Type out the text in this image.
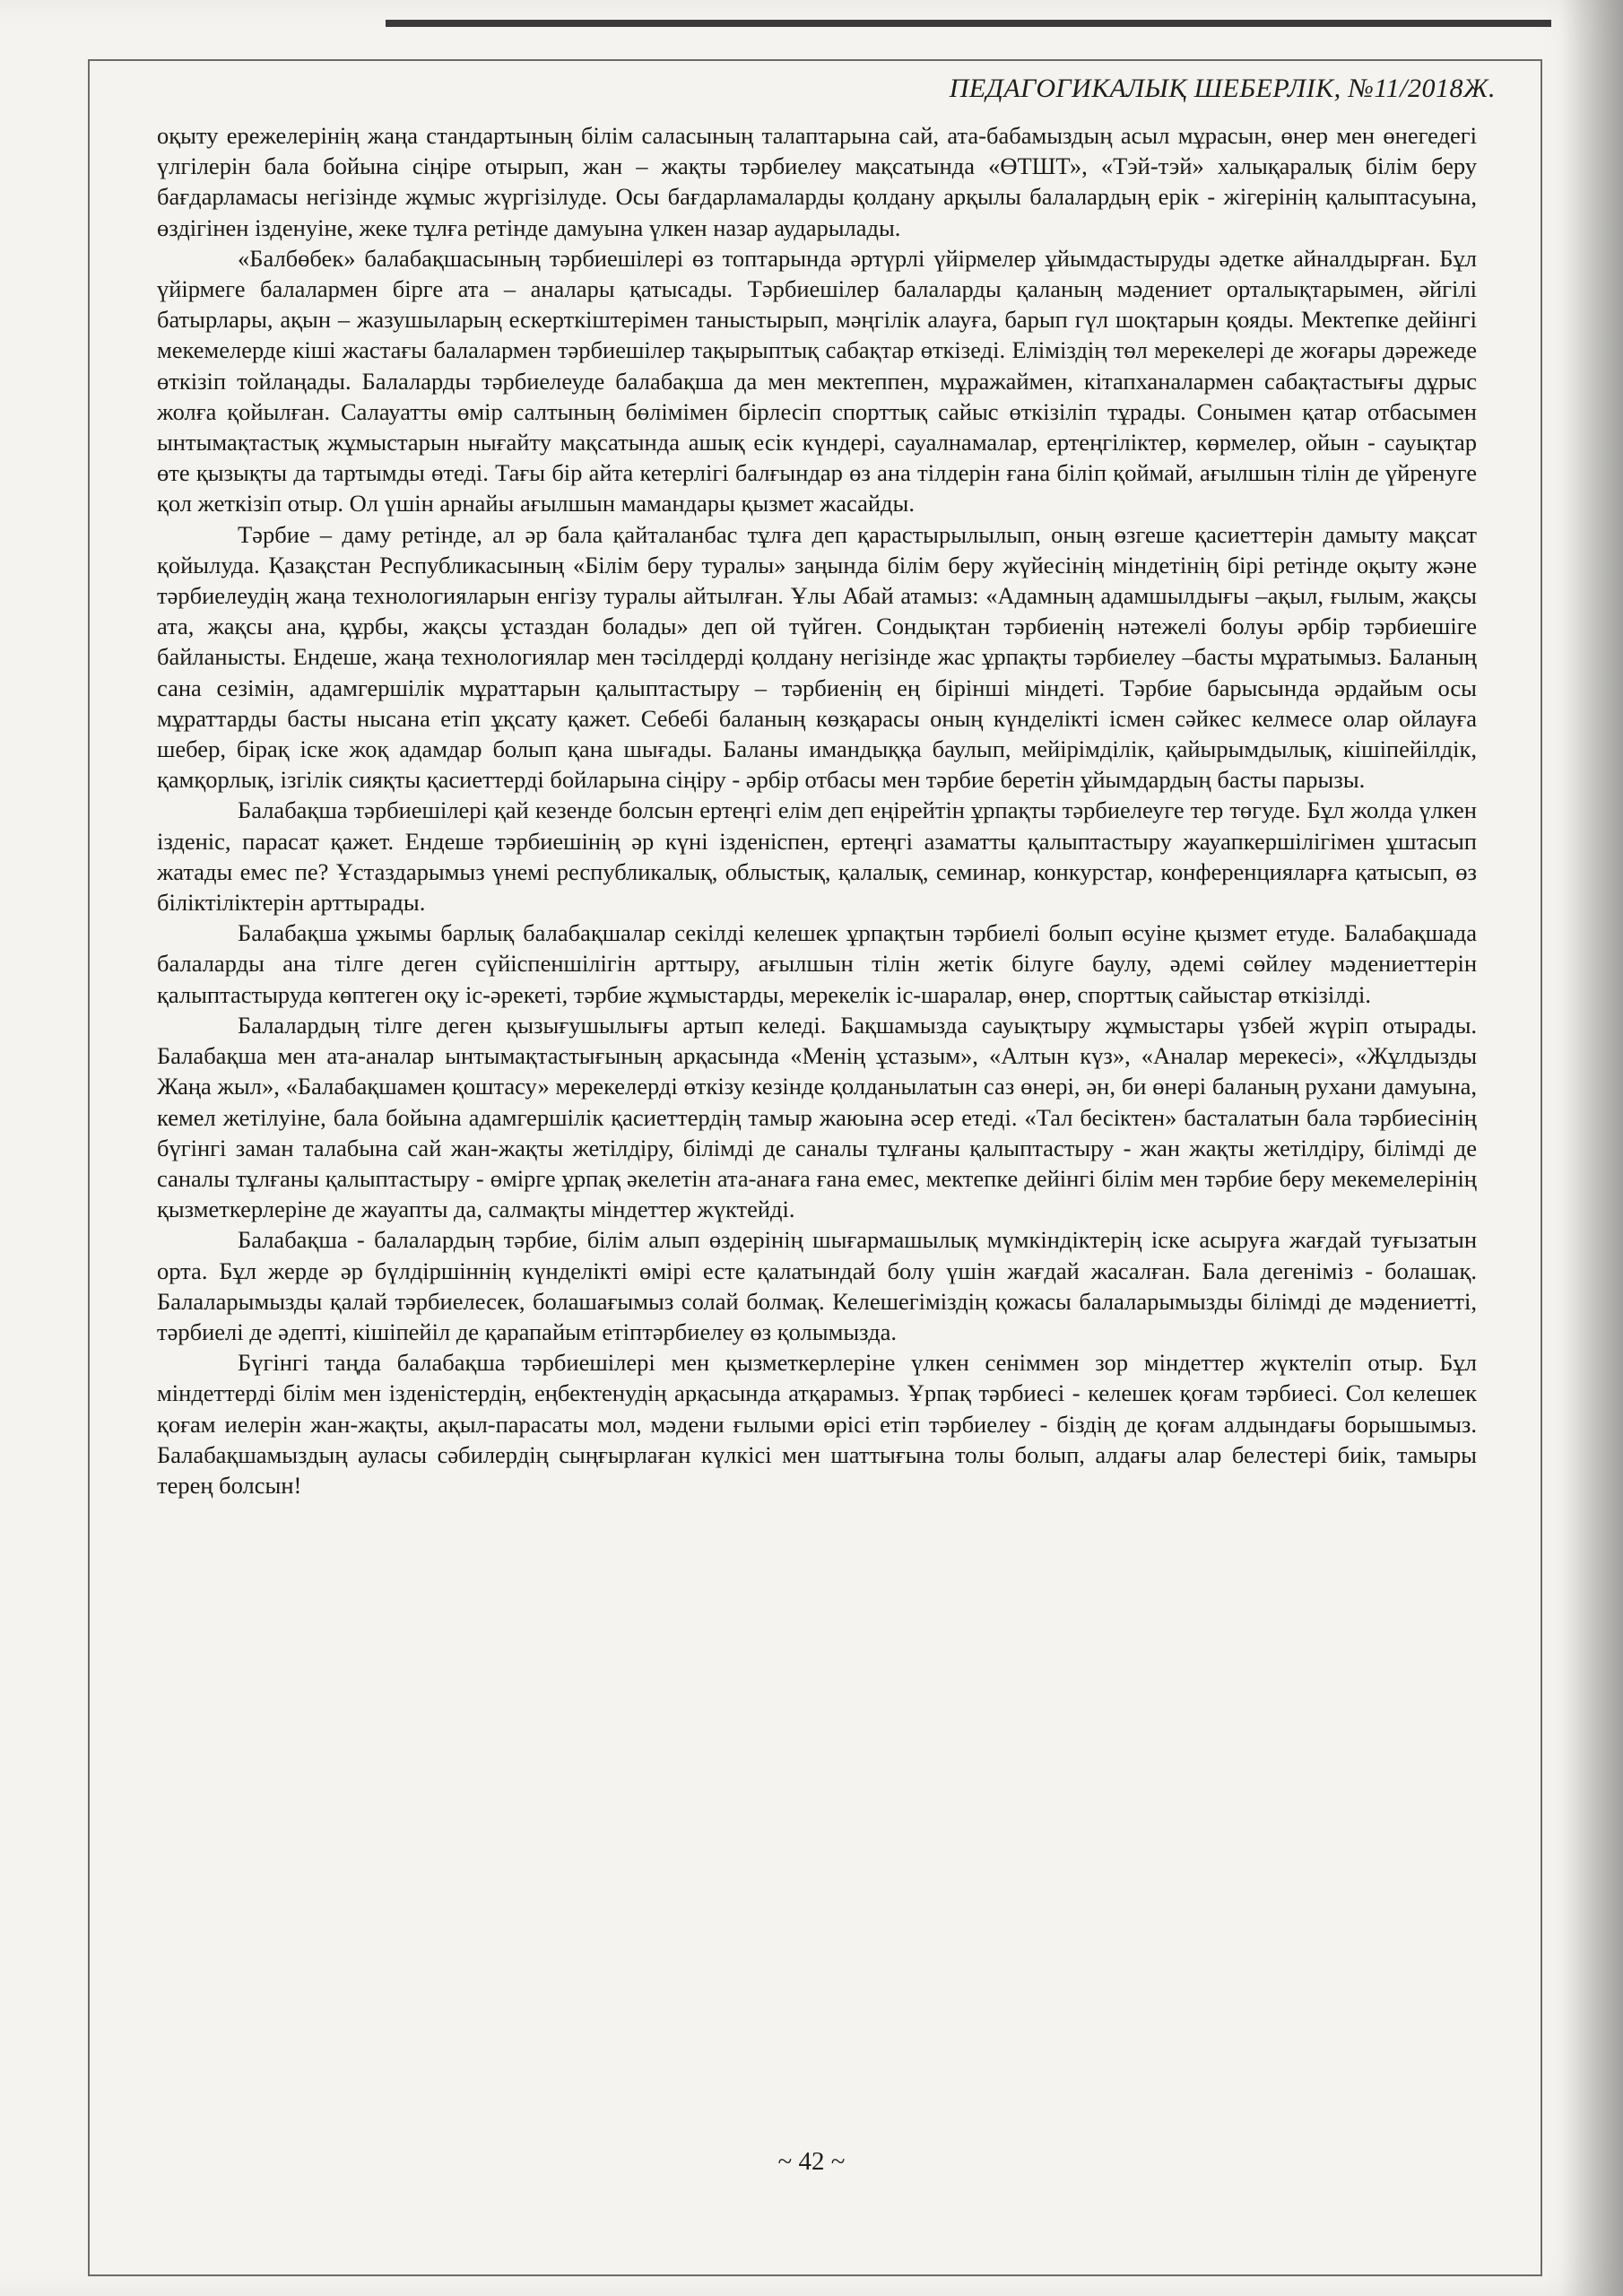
ПЕДАГОГИКАЛЫҚ ШЕБЕРЛІК, №11/2018Ж.

оқыту ережелерінің жаңа стандартының білім саласының талаптарына сай, ата-бабамыздың асыл мұрасын, өнер мен өнегедегі үлгілерін бала бойына сіңіре отырып, жан – жақты тәрбиелеу мақсатында «ӨТШТ», «Тэй-тэй» халықаралық білім беру бағдарламасы негізінде жұмыс жүргізілуде. Осы бағдарламаларды қолдану арқылы балалардың ерік - жігерінің қалыптасуына, өздігінен ізденуіне, жеке тұлға ретінде дамуына үлкен назар аударылады.

«Балбөбек» балабақшасының тәрбиешілері өз топтарында әртүрлі үйірмелер ұйымдастыруды әдетке айналдырған. Бұл үйірмеге балалармен бірге ата – аналары қатысады. Тәрбиешілер балаларды қаланың мәдениет орталықтарымен, әйгілі батырлары, ақын – жазушыларың ескерткіштерімен таныстырып, мәңгілік алауға, барып гүл шоқтарын қояды. Мектепке дейінгі мекемелерде кіші жастағы балалармен тәрбиешілер тақырыптық сабақтар өткізеді. Еліміздің төл мерекелері де жоғары дәрежеде өткізіп тойлаңады. Балаларды тәрбиелеуде балабақша да мен мектеппен, мұражаймен, кітапханалармен сабақтастығы дұрыс жолға қойылған. Салауатты өмір салтының бөлімімен бірлесіп спорттық сайыс өткізіліп тұрады. Сонымен қатар отбасымен ынтымақтастық жұмыстарын нығайту мақсатында ашық есік күндері, сауалнамалар, ертеңгіліктер, көрмелер, ойын - сауықтар өте қызықты да тартымды өтеді. Тағы бір айта кетерлігі балғындар өз ана тілдерін ғана біліп қоймай, ағылшын тілін де үйренуге қол жеткізіп отыр. Ол үшін арнайы ағылшын мамандары қызмет жасайды.

Тәрбие – даму ретінде, ал әр бала қайталанбас тұлға деп қарастырылылып, оның өзгеше қасиеттерін дамыту мақсат қойылуда. Қазақстан Республикасының «Білім беру туралы» заңында білім беру жүйесінің міндетінің бірі ретінде оқыту және тәрбиелеудің жаңа технологияларын енгізу туралы айтылған. Ұлы Абай атамыз: «Адамның адамшылдығы –ақыл, ғылым, жақсы ата, жақсы ана, құрбы, жақсы ұстаздан болады» деп ой түйген. Сондықтан тәрбиенің нәтежелі болуы әрбір тәрбиешіге байланысты. Ендеше, жаңа технологиялар мен тәсілдерді қолдану негізінде жас ұрпақты тәрбиелеу –басты мұратымыз. Баланың сана сезімін, адамгершілік мұраттарын қалыптастыру – тәрбиенің ең бірінші міндеті. Тәрбие барысында әрдайым осы мұраттарды басты нысана етіп ұқсату қажет. Себебі баланың көзқарасы оның күнделікті ісмен сәйкес келмесе олар ойлауға шебер, бірақ іске жоқ адамдар болып қана шығады. Баланы имандыққа баулып, мейірімділік, қайырымдылық, кішіпейілдік, қамқорлық, ізгілік сияқты қасиеттерді бойларына сіңіру - әрбір отбасы мен тәрбие беретін ұйымдардың басты парызы.

Балабақша тәрбиешілері қай кезенде болсын ертеңгі елім деп еңірейтін ұрпақты тәрбиелеуге тер төгуде. Бұл жолда үлкен ізденіс, парасат қажет. Ендеше тәрбиешінің әр күні ізденіспен, ертеңгі азаматты қалыптастыру жауапкершілігімен ұштасып жатады емес пе? Ұстаздарымыз үнемі республикалық, облыстық, қалалық, семинар, конкурстар, конференцияларға қатысып, өз біліктіліктерін арттырады.

Балабақша ұжымы барлық балабақшалар секілді келешек ұрпақтын тәрбиелі болып өсуіне қызмет етуде. Балабақшада балаларды ана тілге деген сүйіспеншілігін арттыру, ағылшын тілін жетік білуге баулу, әдемі сөйлеу мәдениеттерін қалыптастыруда көптеген оқу іс-әрекеті, тәрбие жұмыстарды, мерекелік іс-шаралар, өнер, спорттық сайыстар өткізілді.

Балалардың тілге деген қызығушылығы артып келеді. Бақшамызда сауықтыру жұмыстары үзбей жүріп отырады. Балабақша мен ата-аналар ынтымақтастығының арқасында «Менің ұстазым», «Алтын күз», «Аналар мерекесі», «Жұлдызды Жаңа жыл», «Балабақшамен қоштасу» мерекелерді өткізу кезінде қолданылатын саз өнері, ән, би өнері баланың рухани дамуына, кемел жетілуіне, бала бойына адамгершілік қасиеттердің тамыр жаюына әсер етеді. «Тал бесіктен» басталатын бала тәрбиесінің бүгінгі заман талабына сай жан-жақты жетілдіру, білімді де саналы тұлғаны қалыптастыру - жан жақты жетілдіру, білімді де саналы тұлғаны қалыптастыру - өмірге ұрпақ әкелетін ата-анаға ғана емес, мектепке дейінгі білім мен тәрбие беру мекемелерінің қызметкерлеріне де жауапты да, салмақты міндеттер жүктейді.

Балабақша - балалардың тәрбие, білім алып өздерінің шығармашылық мүмкіндіктерің іске асыруға жағдай туғызатын орта. Бұл жерде әр бүлдіршіннің күнделікті өмірі есте қалатындай болу үшін жағдай жасалған. Бала дегеніміз - болашақ. Балаларымызды қалай тәрбиелесек, болашағымыз солай болмақ. Келешегіміздің қожасы балаларымызды білімді де мәдениетті, тәрбиелі де әдепті, кішіпейіл де қарапайым етіптәрбиелеу өз қолымызда.

Бүгінгі таңда балабақша тәрбиешілері мен қызметкерлеріне үлкен сеніммен зор міндеттер жүктеліп отыр. Бұл міндеттерді білім мен ізденістердің, еңбектенудің арқасында атқарамыз. Ұрпақ тәрбиесі - келешек қоғам тәрбиесі. Сол келешек қоғам иелерін жан-жақты, ақыл-парасаты мол, мәдени ғылыми өрісі етіп тәрбиелеу - біздің де қоғам алдындағы борышымыз. Балабақшамыздың ауласы сәбилердің сыңғырлаған күлкісі мен шаттығына толы болып, алдағы алар белестері биік, тамыры терең болсын!

~ 42 ~
